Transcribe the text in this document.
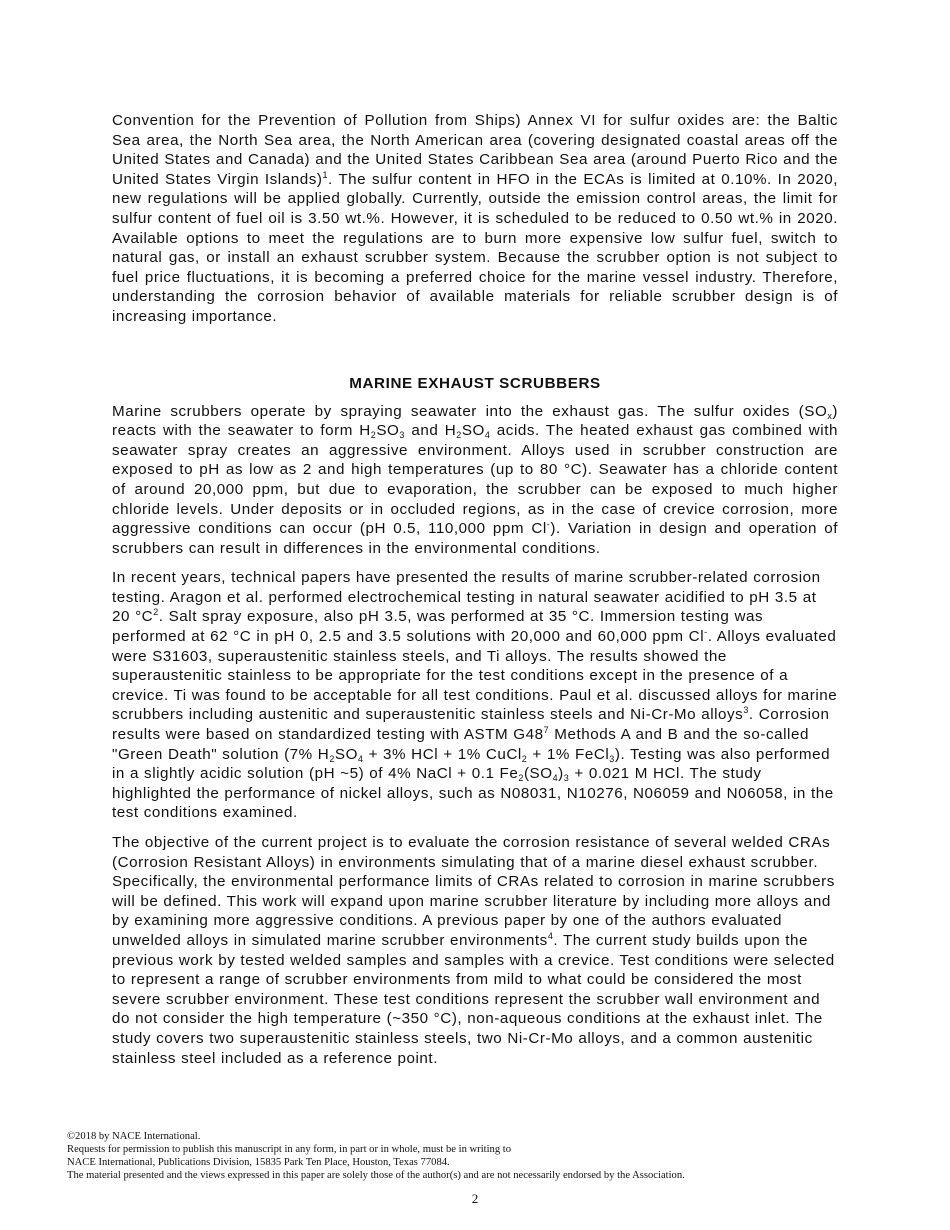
Convention for the Prevention of Pollution from Ships) Annex VI for sulfur oxides are: the Baltic Sea area, the North Sea area, the North American area (covering designated coastal areas off the United States and Canada) and the United States Caribbean Sea area (around Puerto Rico and the United States Virgin Islands)$^1$. The sulfur content in HFO in the ECAs is limited at 0.10%. In 2020, new regulations will be applied globally. Currently, outside the emission control areas, the limit for sulfur content of fuel oil is 3.50 wt.%. However, it is scheduled to be reduced to 0.50 wt.% in 2020. Available options to meet the regulations are to burn more expensive low sulfur fuel, switch to natural gas, or install an exhaust scrubber system. Because the scrubber option is not subject to fuel price fluctuations, it is becoming a preferred choice for the marine vessel industry. Therefore, understanding the corrosion behavior of available materials for reliable scrubber design is of increasing importance.

MARINE EXHAUST SCRUBBERS

Marine scrubbers operate by spraying seawater into the exhaust gas. The sulfur oxides $(SO_x)$ reacts with the seawater to form $H_2SO_3$ and $H_2SO_4$ acids. The heated exhaust gas combined with seawater spray creates an aggressive environment. Alloys used in scrubber construction are exposed to pH as low as 2 and high temperatures (up to 80 °C). Seawater has a chloride content of around 20,000 ppm, but due to evaporation, the scrubber can be exposed to much higher chloride levels. Under deposits or in occluded regions, as in the case of crevice corrosion, more aggressive conditions can occur (pH 0.5, 110,000 ppm Cl-). Variation in design and operation of scrubbers can result in differences in the environmental conditions.

In recent years, technical papers have presented the results of marine scrubber-related corrosion testing. Aragon et al. performed electrochemical testing in natural seawater acidified to pH 3.5 at 20 $^\circ C^2$. Salt spray exposure, also pH 3.5, was performed at 35 °C. Immersion testing was performed at 62 °C in pH 0, 2.5 and 3.5 solutions with 20,000 and 60,000 ppm Cl-. Alloys evaluated were S31603, superaustenitic stainless steels, and Ti alloys. The results showed the superaustenitic stainless to be appropriate for the test conditions except in the presence of a crevice. Ti was found to be acceptable for all test conditions. Paul et al. discussed alloys for marine scrubbers including austenitic and superaustenitic stainless steels and Ni-Cr-Mo alloys$^3$. Corrosion results were based on standardized testing with ASTM $G48^7$ Methods A and B and the so-called "Green Death" solution (7% $H_2SO_4 + 3\%$ HCl + 1% CuCl$_2$ + 1% FeCl$_3$). Testing was also performed in a slightly acidic solution (pH ~5) of 4% NaCl + 0.1 $Fe_2(SO_4)_3 + 0.021$ M HCl. The study highlighted the performance of nickel alloys, such as N08031, N10276, N06059 and N06058, in the test conditions examined.

The objective of the current project is to evaluate the corrosion resistance of several welded CRAs (Corrosion Resistant Alloys) in environments simulating that of a marine diesel exhaust scrubber. Specifically, the environmental performance limits of CRAs related to corrosion in marine scrubbers will be defined. This work will expand upon marine scrubber literature by including more alloys and by examining more aggressive conditions. A previous paper by one of the authors evaluated unwelded alloys in simulated marine scrubber environments$^4$. The current study builds upon the previous work by tested welded samples and samples with a crevice. Test conditions were selected to represent a range of scrubber environments from mild to what could be considered the most severe scrubber environment. These test conditions represent the scrubber wall environment and do not consider the high temperature (~350 °C), non-aqueous conditions at the exhaust inlet. The study covers two superaustenitic stainless steels, two Ni-Cr-Mo alloys, and a common austenitic stainless steel included as a reference point.

©2018 by NACE International.
Requests for permission to publish this manuscript in any form, in part or in whole, must be in writing to
NACE International, Publications Division, 15835 Park Ten Place, Houston, Texas 77084.
The material presented and the views expressed in this paper are solely those of the author(s) and are not necessarily endorsed by the Association.
2
